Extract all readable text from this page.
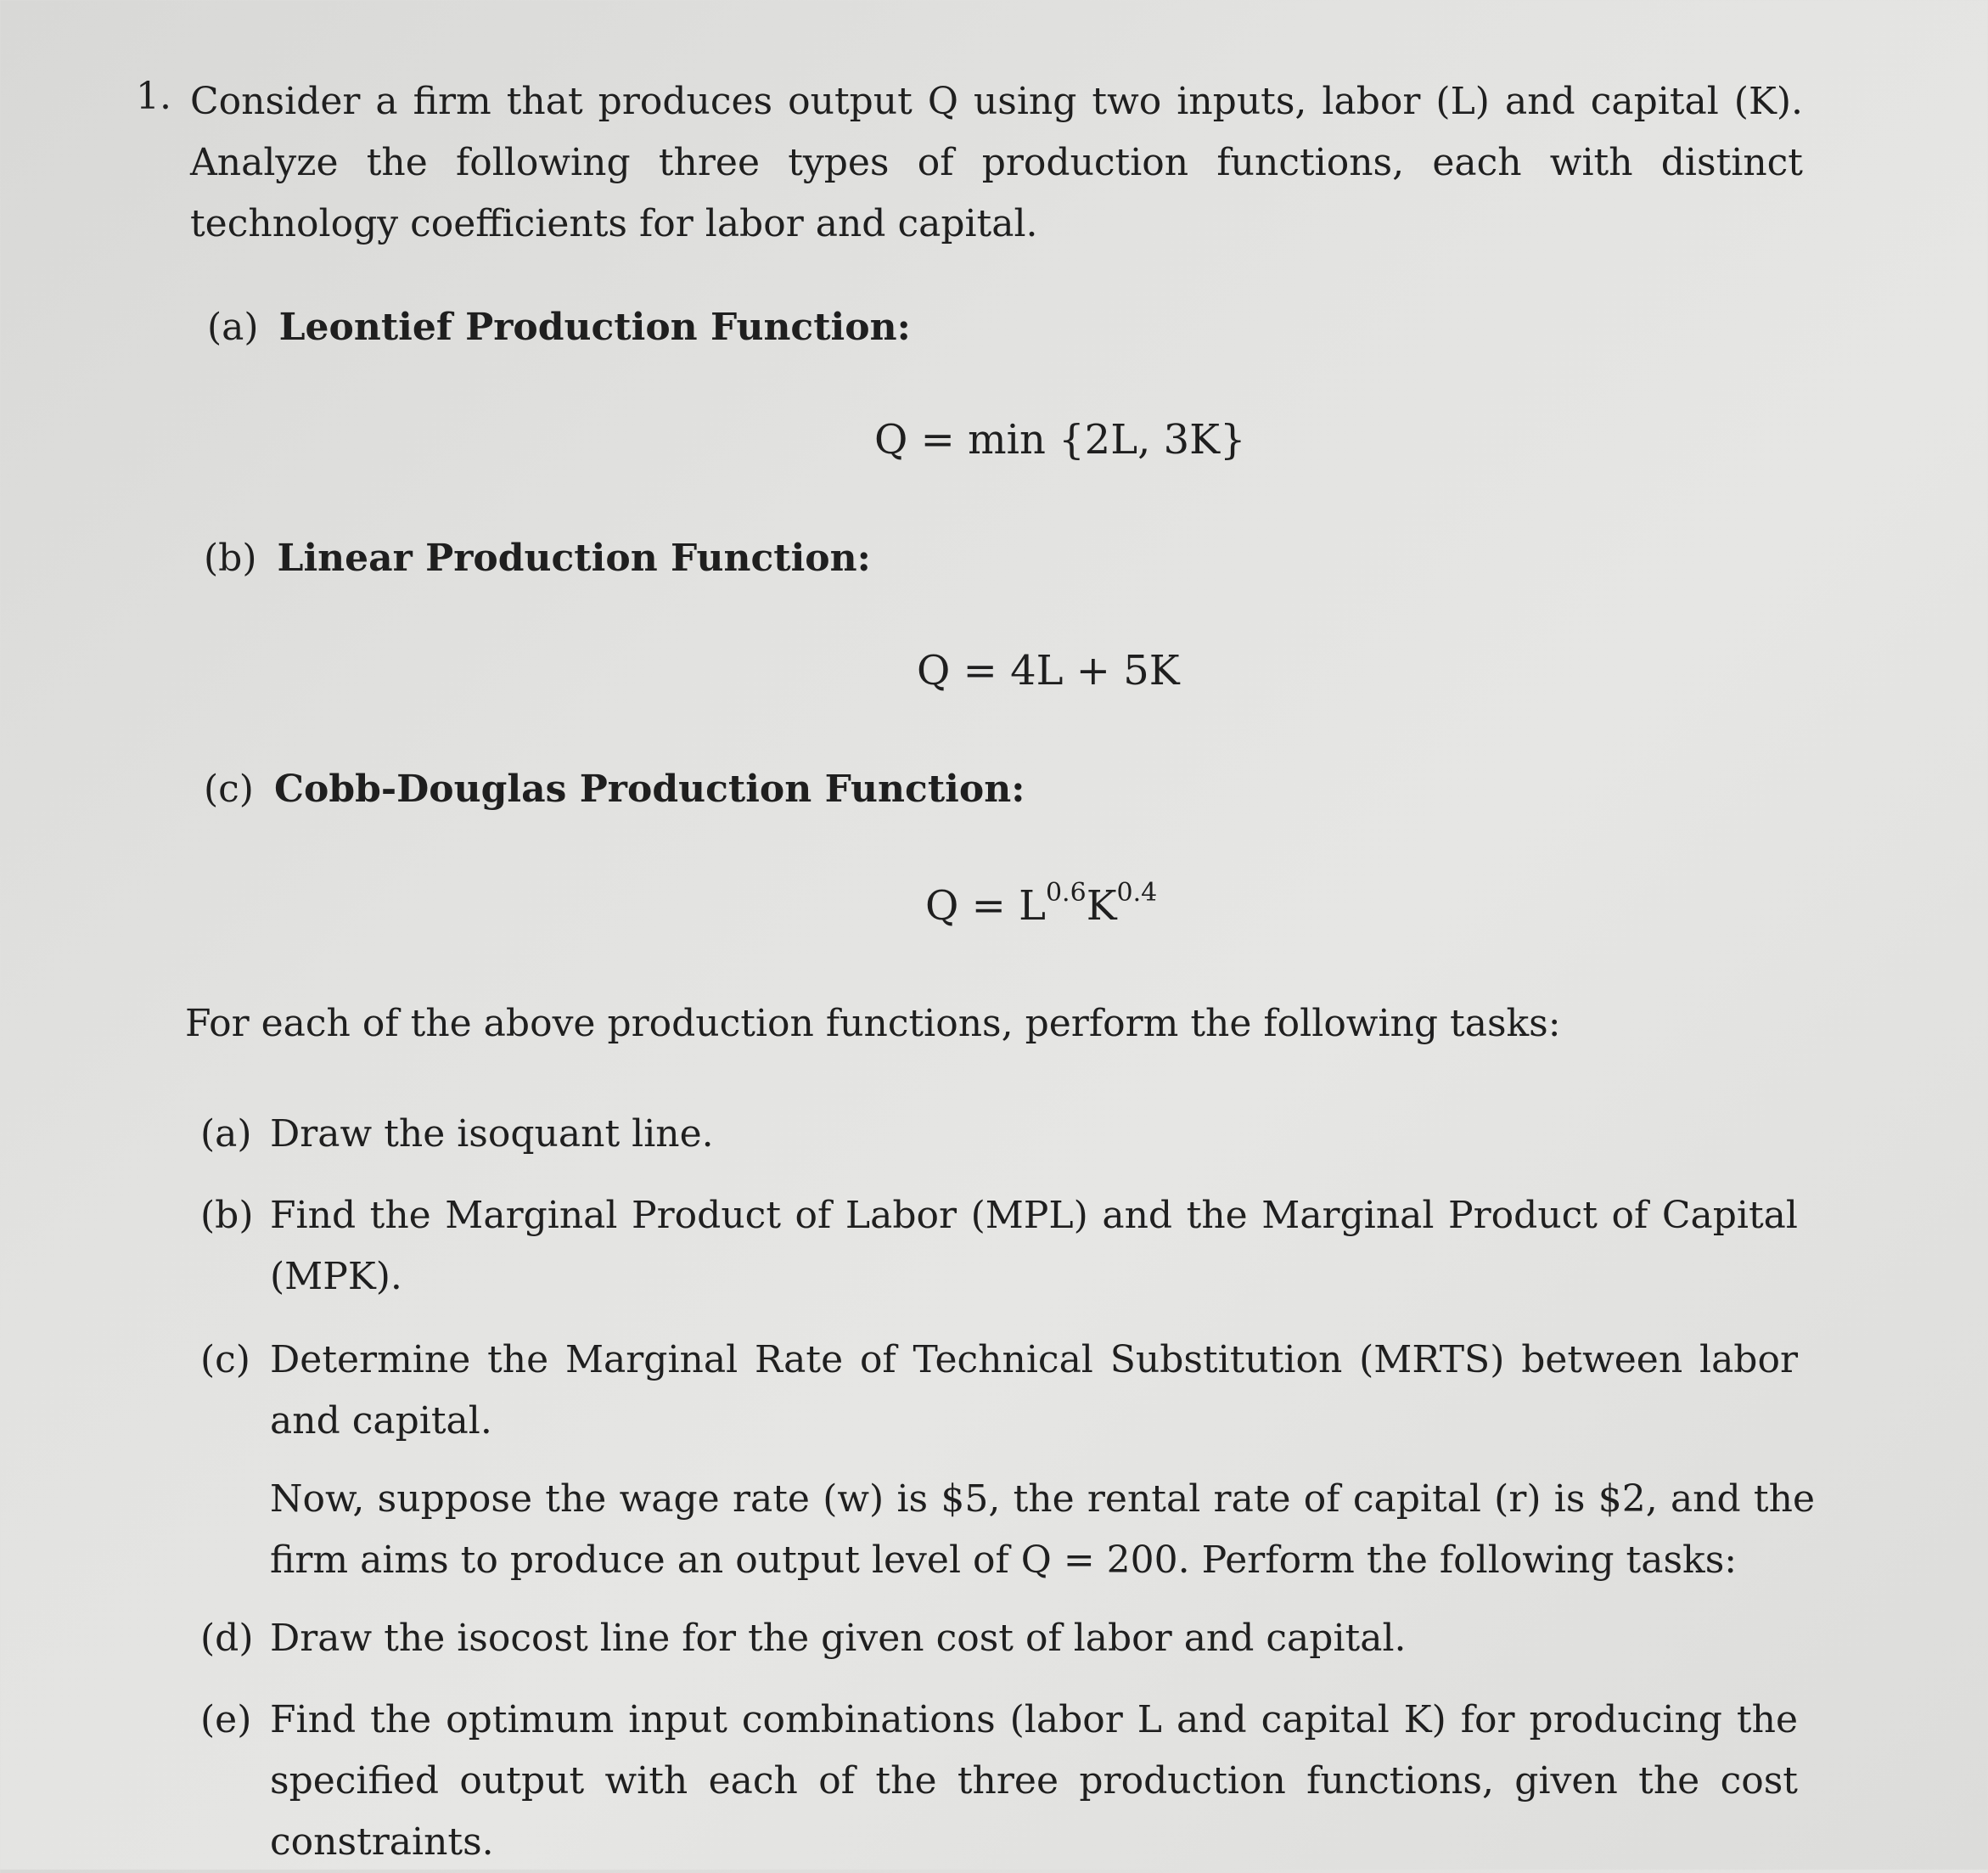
1. Consider a firm that produces output Q using two inputs, labor (L) and capital (K). Analyze the following three types of production functions, each with distinct technology coefficients for labor and capital.
(a) Leontief Production Function:
Q = min {2L, 3K}
(b) Linear Production Function:
Q = 4L + 5K
(c) Cobb-Douglas Production Function:
$Q = L^{0.6}K^{0.4}$
For each of the above production functions, perform the following tasks:
(a) Draw the isoquant line.
(b) Find the Marginal Product of Labor (MPL) and the Marginal Product of Capital (MPK).
(c) Determine the Marginal Rate of Technical Substitution (MRTS) between labor and capital.
Now, suppose the wage rate (w) is $5, the rental rate of capital (r) is $2, and the firm aims to produce an output level of Q = 200. Perform the following tasks:
(d) Draw the isocost line for the given cost of labor and capital.
(e) Find the optimum input combinations (labor L and capital K) for producing the specified output with each of the three production functions, given the cost constraints.
